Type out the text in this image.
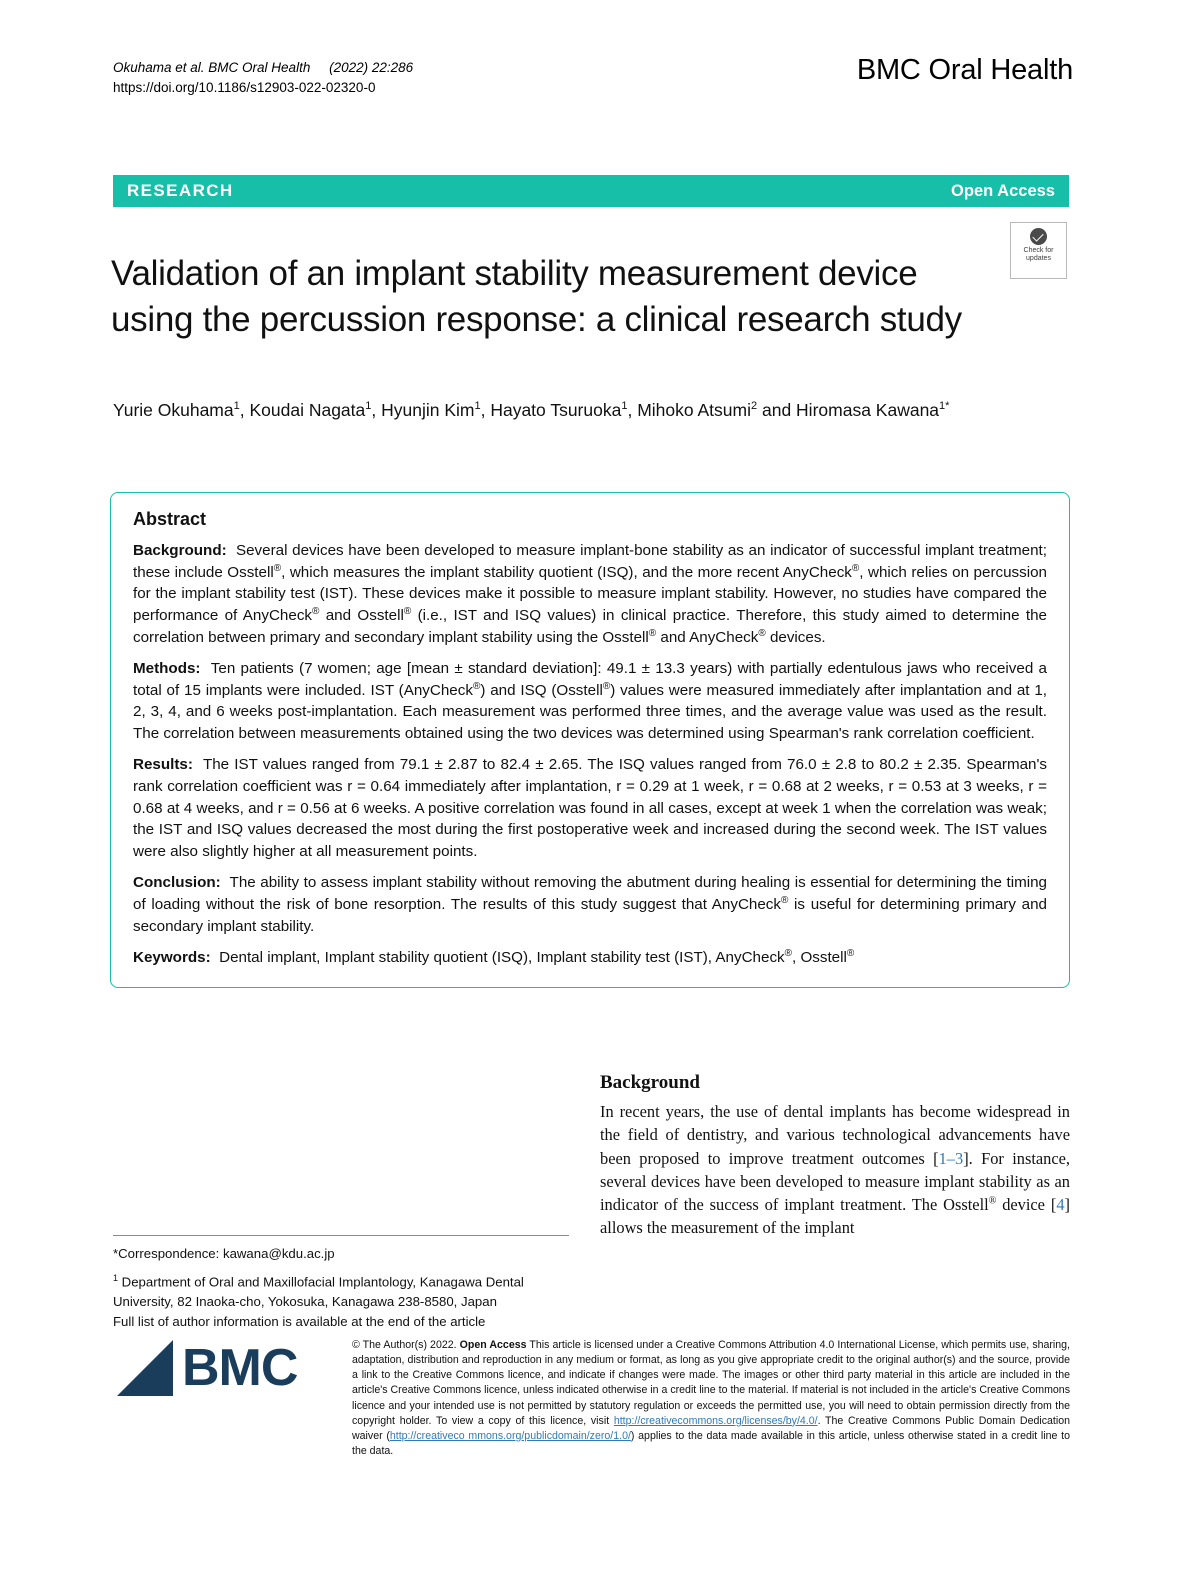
Okuhama et al. BMC Oral Health (2022) 22:286
https://doi.org/10.1186/s12903-022-02320-0
BMC Oral Health
RESEARCH	Open Access
Check for
updates
Validation of an implant stability measurement device using the percussion response: a clinical research study
Yurie Okuhama$^1$, Koudai Nagata$^1$, Hyunjin Kim$^1$, Hayato Tsuruoka$^1$, Mihoko Atsumi$^2$ and Hiromasa Kawana$^{1*}$
Abstract

Background:  Several devices have been developed to measure implant-bone stability as an indicator of successful implant treatment; these include Osstell®, which measures the implant stability quotient (ISQ), and the more recent AnyCheck®, which relies on percussion for the implant stability test (IST). These devices make it possible to measure implant stability. However, no studies have compared the performance of AnyCheck® and Osstell® (i.e., IST and ISQ values) in clinical practice. Therefore, this study aimed to determine the correlation between primary and secondary implant stability using the Osstell® and AnyCheck® devices.

Methods:  Ten patients (7 women; age [mean ± standard deviation]: 49.1 ± 13.3 years) with partially edentulous jaws who received a total of 15 implants were included. IST (AnyCheck®) and ISQ (Osstell®) values were measured immediately after implantation and at 1, 2, 3, 4, and 6 weeks post-implantation. Each measurement was performed three times, and the average value was used as the result. The correlation between measurements obtained using the two devices was determined using Spearman's rank correlation coefficient.

Results:  The IST values ranged from 79.1 ± 2.87 to 82.4 ± 2.65. The ISQ values ranged from 76.0 ± 2.8 to 80.2 ± 2.35. Spearman's rank correlation coefficient was r = 0.64 immediately after implantation, r = 0.29 at 1 week, r = 0.68 at 2 weeks, r = 0.53 at 3 weeks, r = 0.68 at 4 weeks, and r = 0.56 at 6 weeks. A positive correlation was found in all cases, except at week 1 when the correlation was weak; the IST and ISQ values decreased the most during the first postoperative week and increased during the second week. The IST values were also slightly higher at all measurement points.

Conclusion:  The ability to assess implant stability without removing the abutment during healing is essential for determining the timing of loading without the risk of bone resorption. The results of this study suggest that AnyCheck® is useful for determining primary and secondary implant stability.

Keywords:  Dental implant, Implant stability quotient (ISQ), Implant stability test (IST), AnyCheck®, Osstell®

*Correspondence: kawana@kdu.ac.jp
$^1$ Department of Oral and Maxillofacial Implantology, Kanagawa Dental University, 82 Inaoka-cho, Yokosuka, Kanagawa 238-8580, Japan
Full list of author information is available at the end of the article
Background

In recent years, the use of dental implants has become widespread in the field of dentistry, and various technological advancements have been proposed to improve treatment outcomes [1–3]. For instance, several devices have been developed to measure implant stability as an indicator of the success of implant treatment. The Osstell® device [4] allows the measurement of the implant

BMC	© The Author(s) 2022. Open Access This article is licensed under a Creative Commons Attribution 4.0 International License, which permits use, sharing, adaptation, distribution and reproduction in any medium or format, as long as you give appropriate credit to the original author(s) and the source, provide a link to the Creative Commons licence, and indicate if changes were made. The images or other third party material in this article are included in the article's Creative Commons licence, unless indicated otherwise in a credit line to the material. If material is not included in the article's Creative Commons licence and your intended use is not permitted by statutory regulation or exceeds the permitted use, you will need to obtain permission directly from the copyright holder. To view a copy of this licence, visit http://creativecommons.org/licenses/by/4.0/. The Creative Commons Public Domain Dedication waiver (http://creativeco mmons.org/publicdomain/zero/1.0/) applies to the data made available in this article, unless otherwise stated in a credit line to the data.
